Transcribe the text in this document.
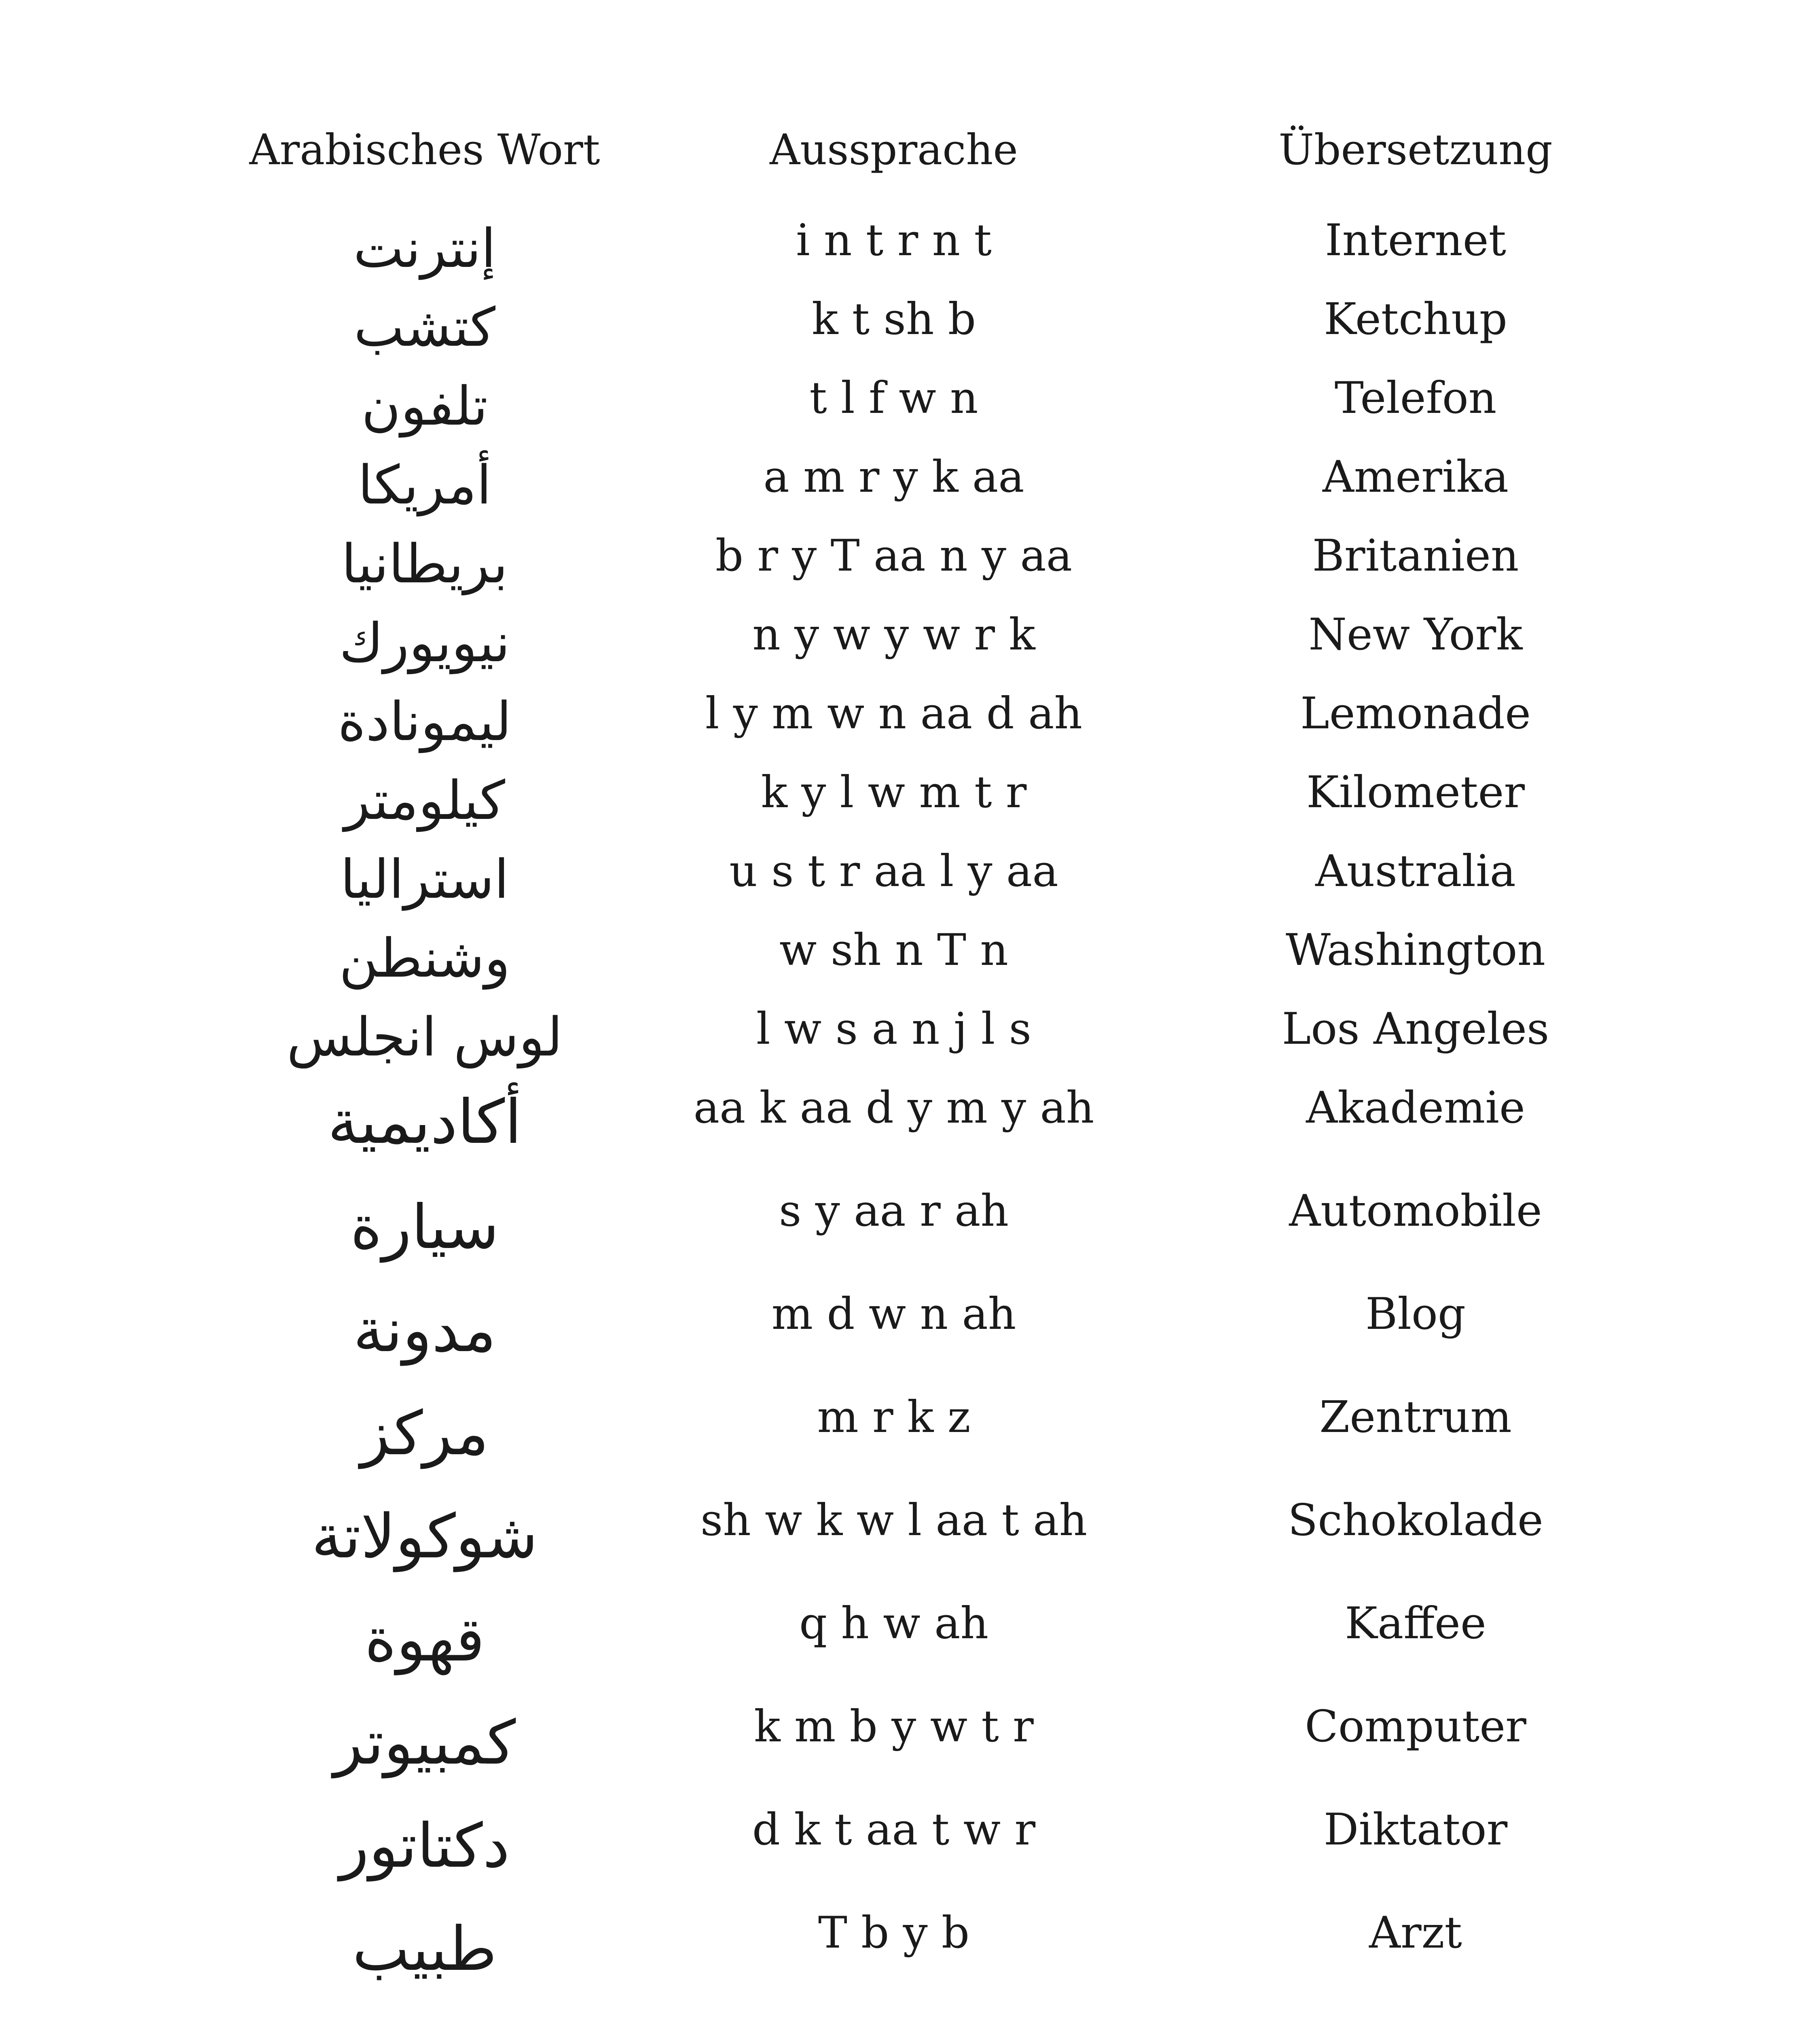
Arabisches Wort	Aussprache	Übersetzung
إنترنت	i n t r n t	Internet
كتشب	k t sh b	Ketchup
تلفون	t l f w n	Telefon
أمريكا	a m r y k aa	Amerika
بريطانيا	b r y T aa n y aa	Britanien
نيويورك	n y w y w r k	New York
ليمونادة	l y m w n aa d ah	Lemonade
كيلومتر	k y l w m t r	Kilometer
استراليا	u s t r aa l y aa	Australia
وشنطن	w sh n T n	Washington
لوس انجلس	l w s a n j l s	Los Angeles
أكاديمية	aa k aa d y m y ah	Akademie
سيارة	s y aa r ah	Automobile
مدونة	m d w n ah	Blog
مركز	m r k z	Zentrum
شوكولاتة	sh w k w l aa t ah	Schokolade
قهوة	q h w ah	Kaffee
كمبيوتر	k m b y w t r	Computer
دكتاتور	d k t aa t w r	Diktator
طبيب	T b y b	Arzt
